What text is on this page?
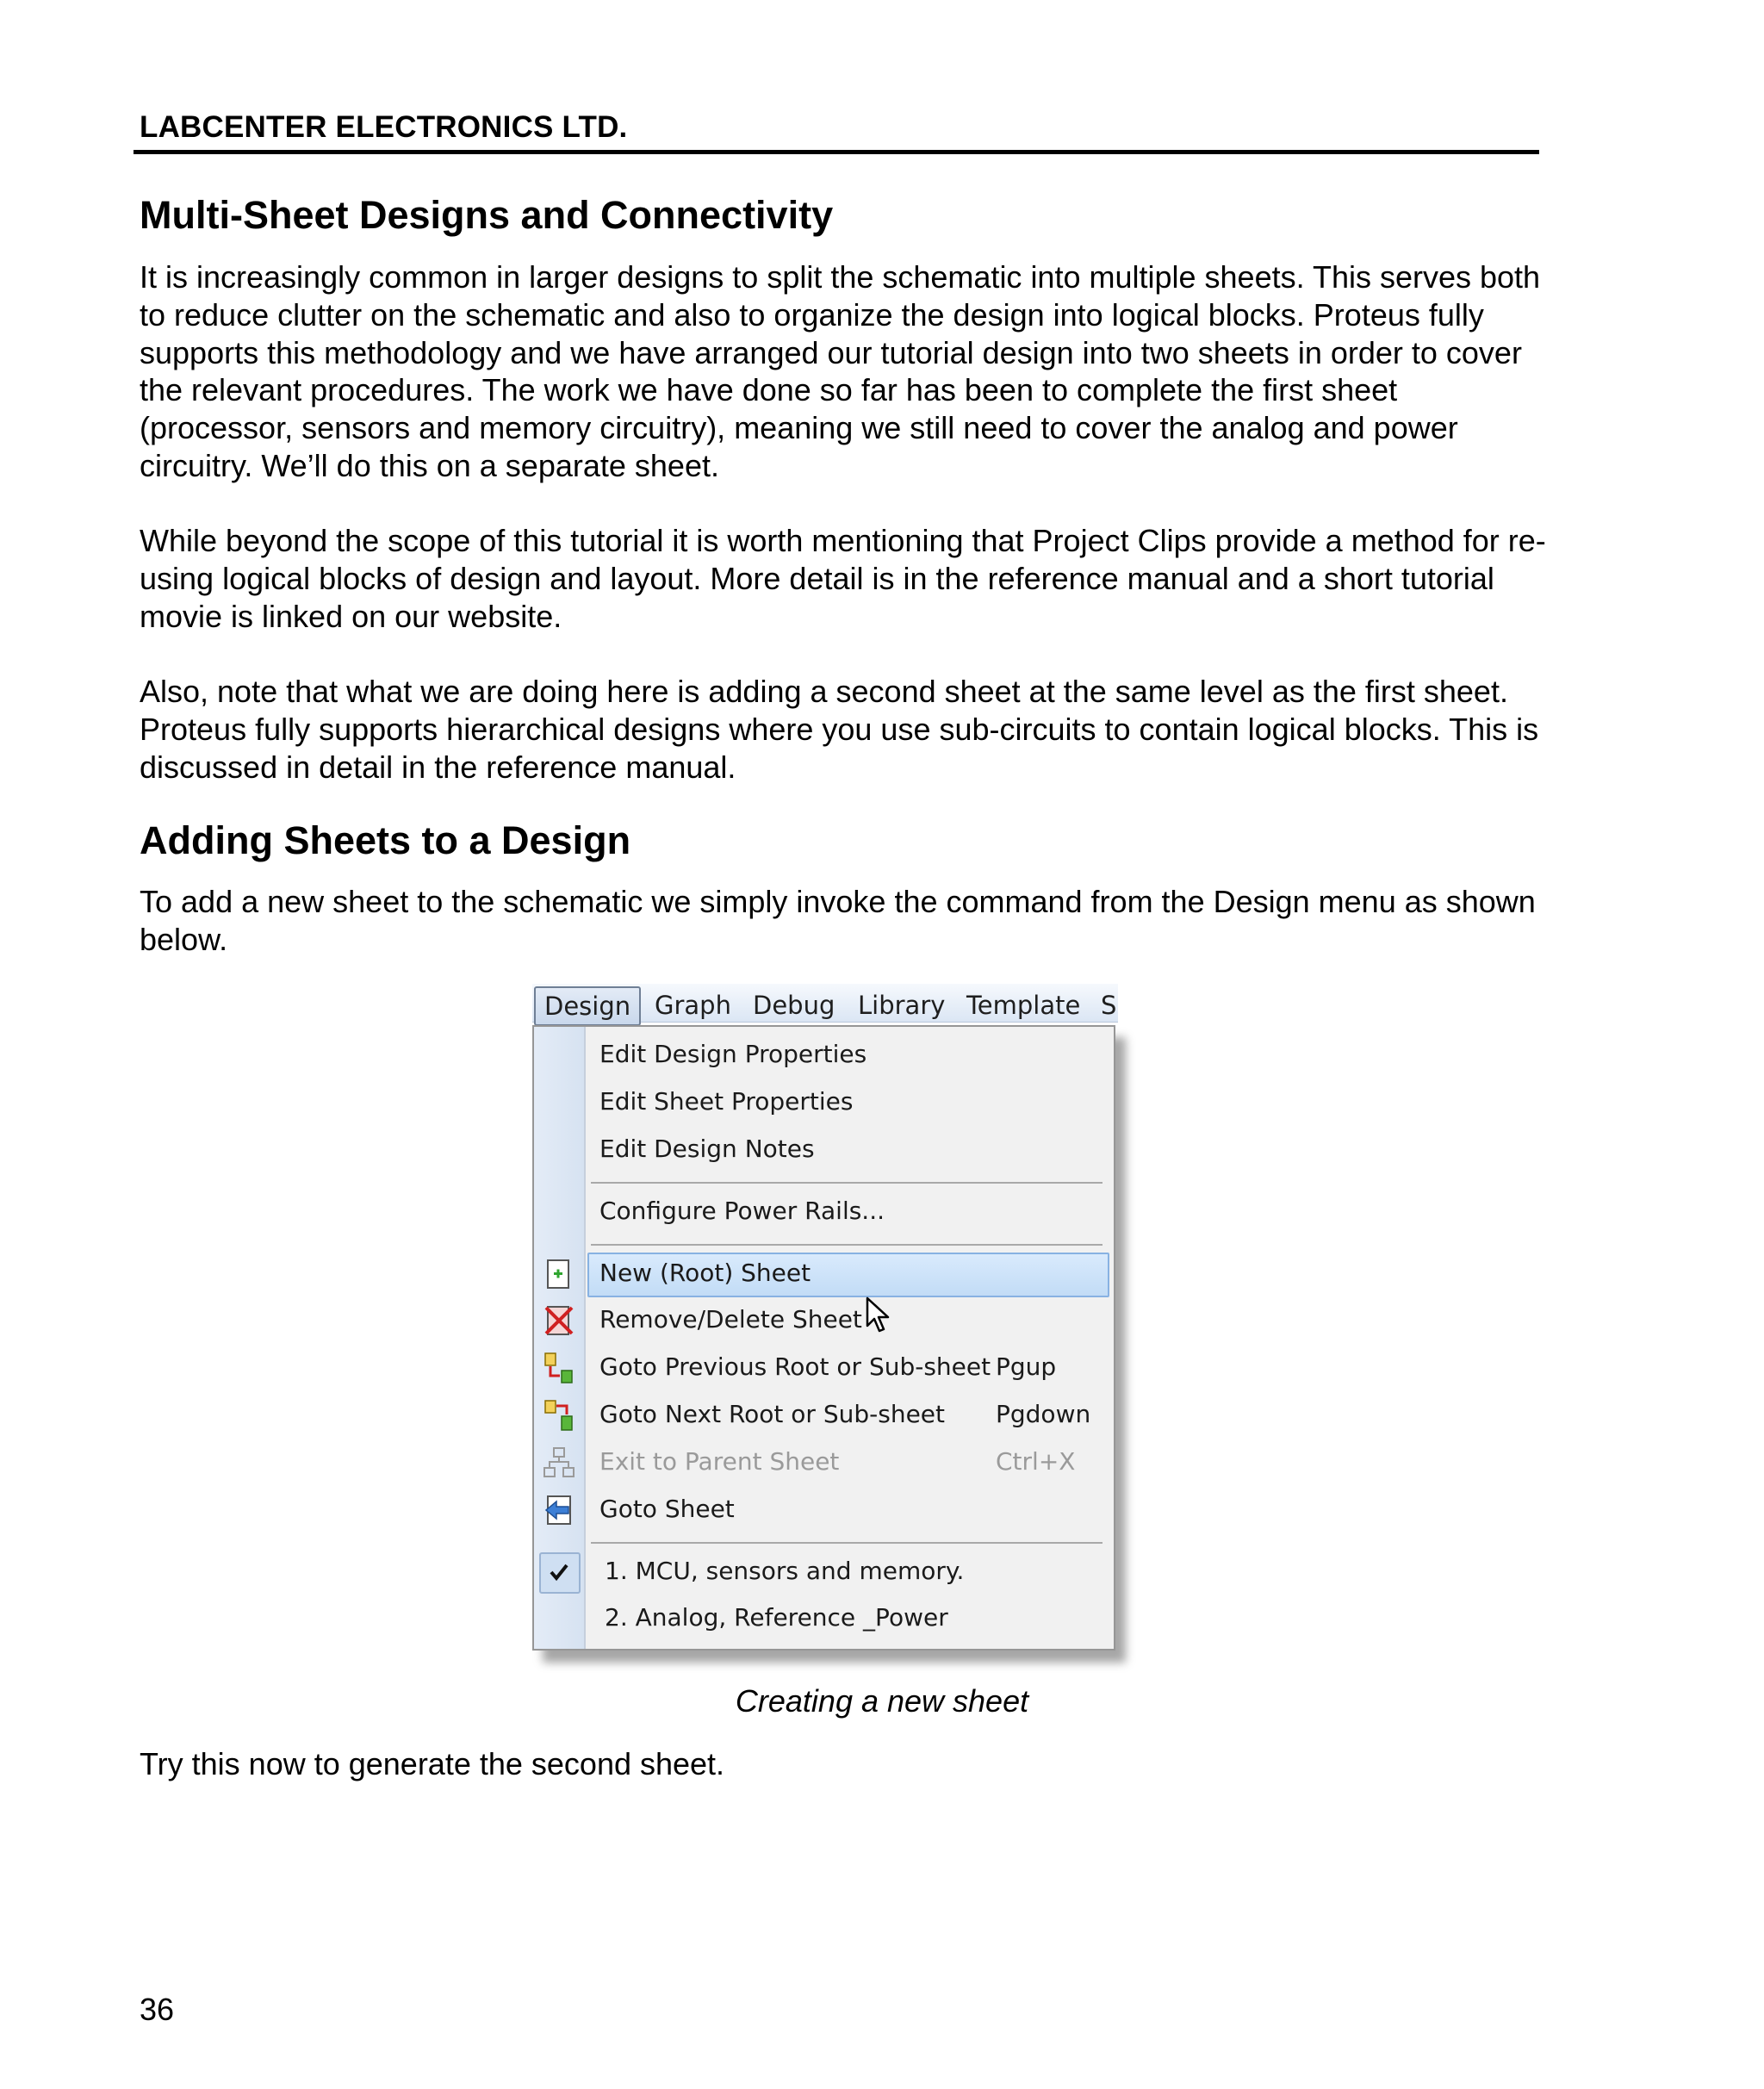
LABCENTER ELECTRONICS LTD.
Multi-Sheet Designs and Connectivity

It is increasingly common in larger designs to split the schematic into multiple sheets. This serves both to reduce clutter on the schematic and also to organize the design into logical blocks. Proteus fully supports this methodology and we have arranged our tutorial design into two sheets in order to cover the relevant procedures. The work we have done so far has been to complete the first sheet (processor, sensors and memory circuitry), meaning we still need to cover the analog and power circuitry. We’ll do this on a separate sheet.

While beyond the scope of this tutorial it is worth mentioning that Project Clips provide a method for re-using logical blocks of design and layout. More detail is in the reference manual and a short tutorial movie is linked on our website.

Also, note that what we are doing here is adding a second sheet at the same level as the first sheet. Proteus fully supports hierarchical designs where you use sub-circuits to contain logical blocks. This is discussed in detail in the reference manual.

Adding Sheets to a Design

To add a new sheet to the schematic we simply invoke the command from the Design menu as shown below.

Design Graph Debug Library Template S
Edit Design Properties
Edit Sheet Properties
Edit Design Notes
Configure Power Rails...
New (Root) Sheet
Remove/Delete Sheet
Goto Previous Root or Sub-sheet Pgup
Goto Next Root or Sub-sheet Pgdown
Exit to Parent Sheet	Ctrl+X
Goto Sheet
1. MCU, sensors and memory.
2. Analog, Reference _Power
Creating a new sheet

Try this now to generate the second sheet.

36
